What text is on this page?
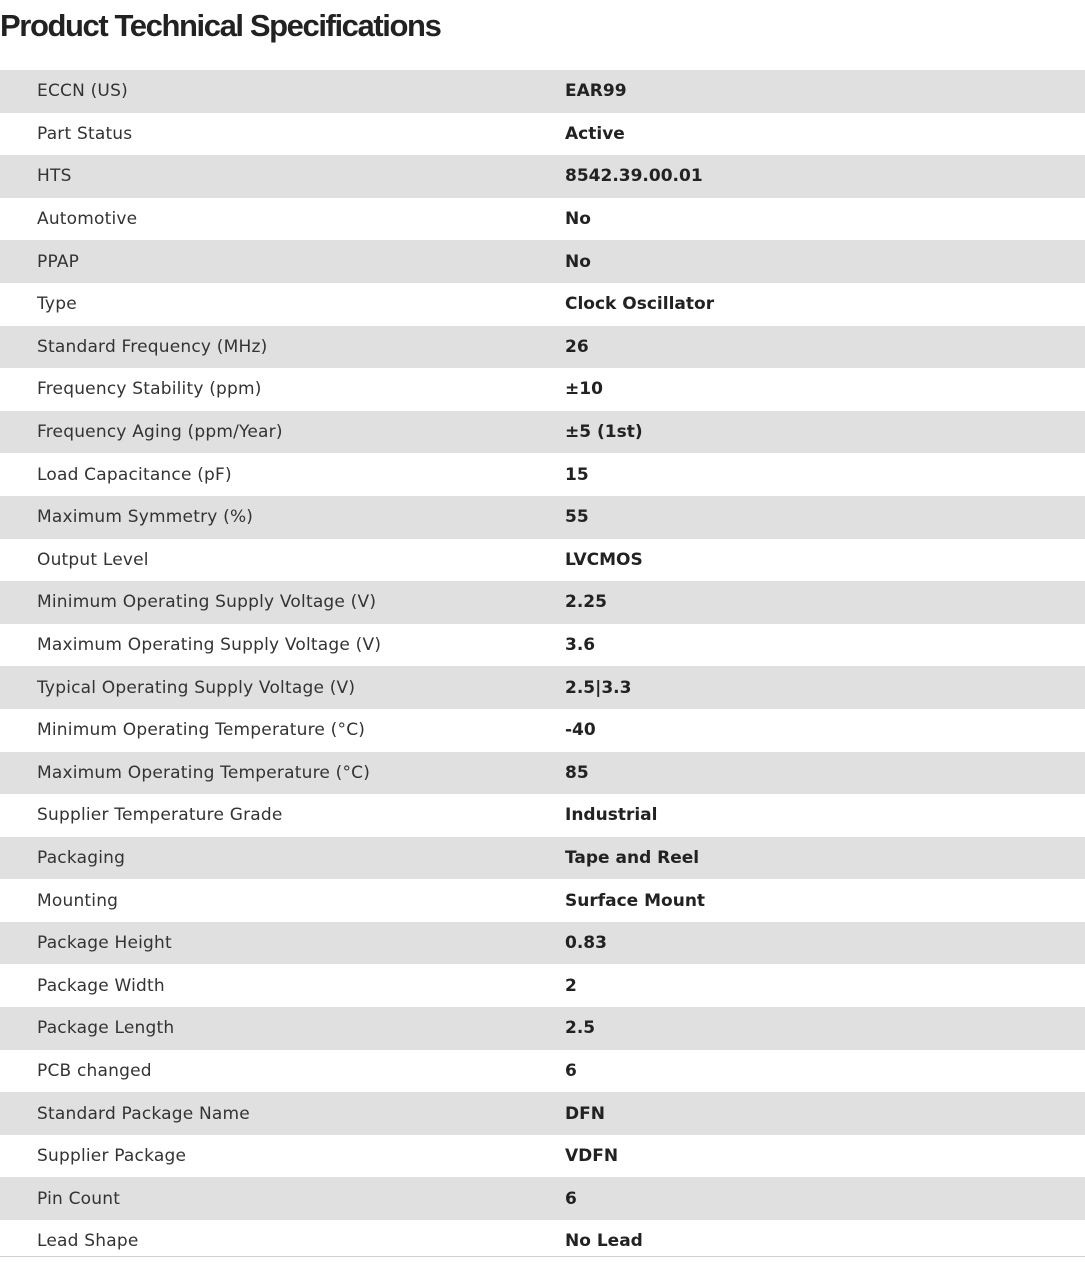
Product Technical Specifications
ECCN (US)	EAR99
Part Status	Active
HTS	8542.39.00.01
Automotive	No
PPAP	No
Type	Clock Oscillator
Standard Frequency (MHz)	26
Frequency Stability (ppm)	±10
Frequency Aging (ppm/Year)	±5 (1st)
Load Capacitance (pF)	15
Maximum Symmetry (%)	55
Output Level	LVCMOS
Minimum Operating Supply Voltage (V)	2.25
Maximum Operating Supply Voltage (V)	3.6
Typical Operating Supply Voltage (V)	2.5|3.3
Minimum Operating Temperature (°C)	-40
Maximum Operating Temperature (°C)	85
Supplier Temperature Grade	Industrial
Packaging	Tape and Reel
Mounting	Surface Mount
Package Height	0.83
Package Width	2
Package Length	2.5
PCB changed	6
Standard Package Name	DFN
Supplier Package	VDFN
Pin Count	6
Lead Shape	No Lead
